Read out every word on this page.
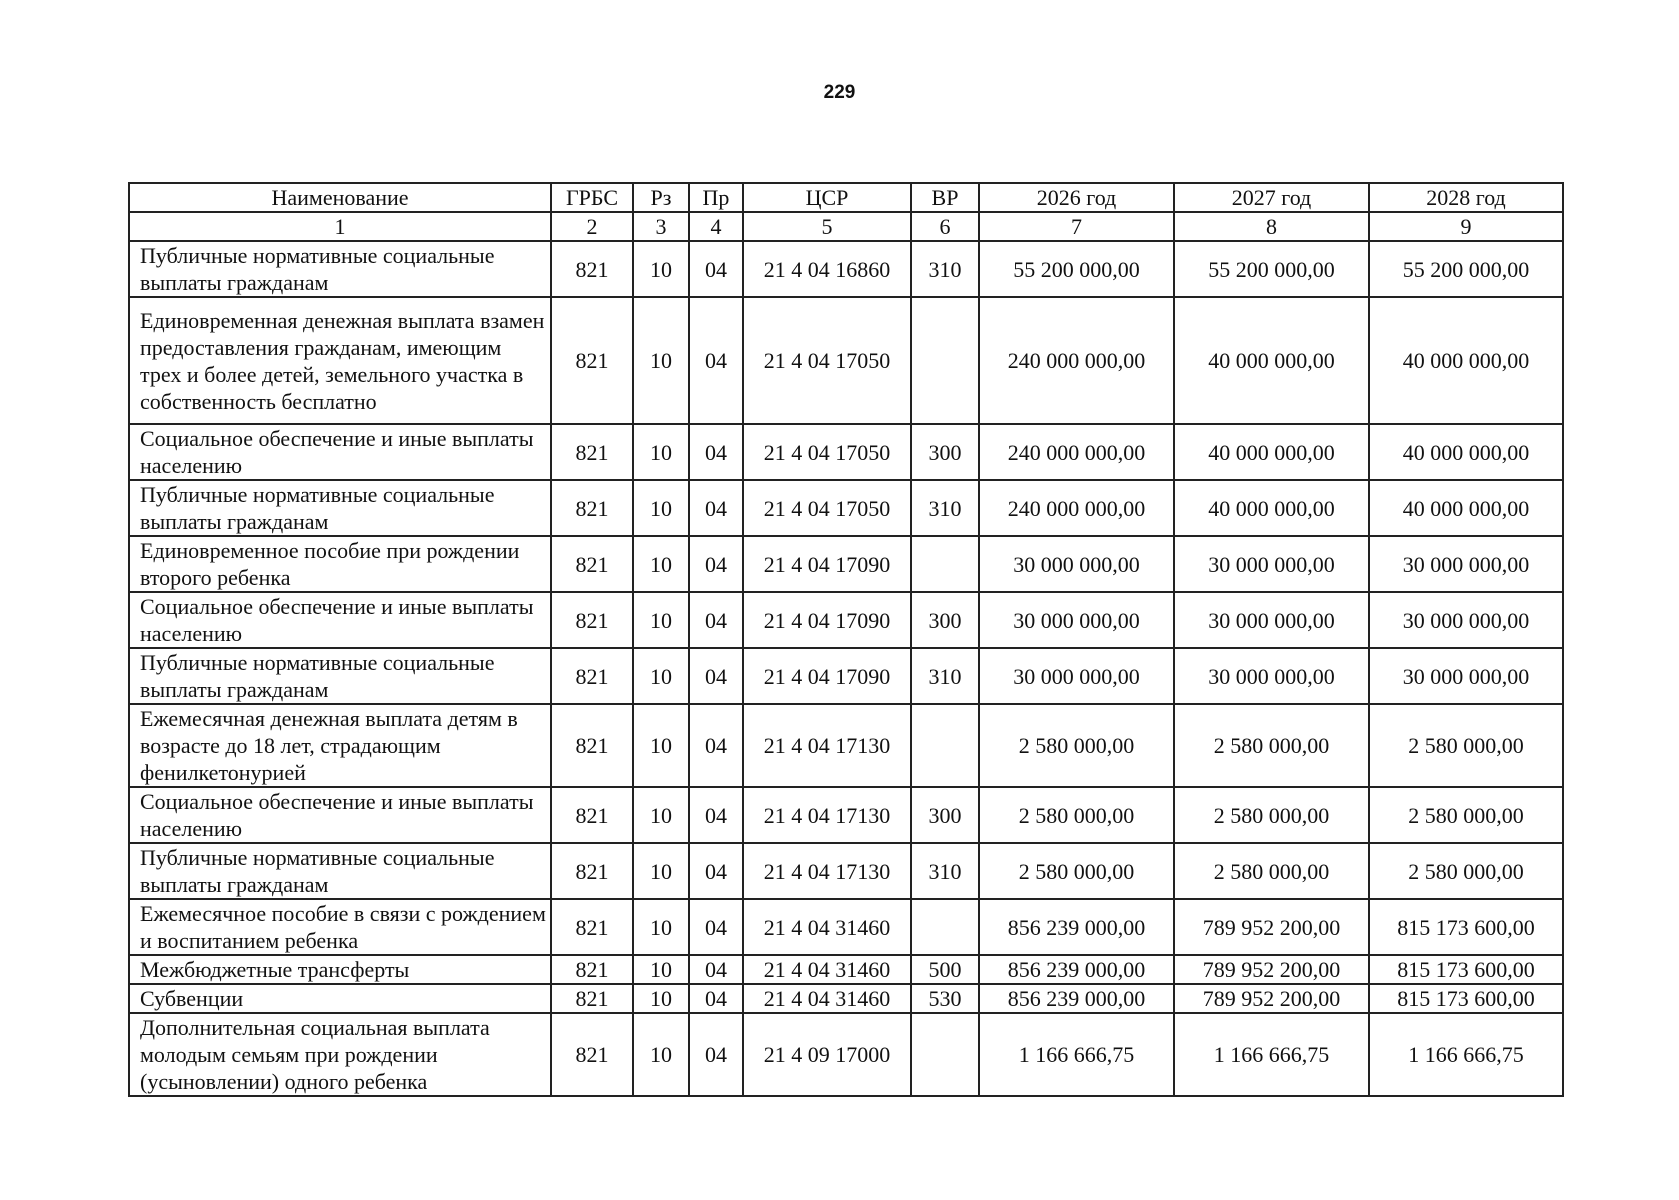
229
Наименование	ГРБС	Рз	Пр	ЦСР	ВР	2026 год	2027 год	2028 год
1	2	3	4	5	6	7	8	9
Публичные нормативные социальные выплаты гражданам	821	10	04	21 4 04 16860	310	55 200 000,00	55 200 000,00	55 200 000,00
Единовременная денежная выплата взамен предоставления гражданам, имеющим трех и более детей, земельного участка в собственность бесплатно	821	10	04	21 4 04 17050		240 000 000,00	40 000 000,00	40 000 000,00
Социальное обеспечение и иные выплаты населению	821	10	04	21 4 04 17050	300	240 000 000,00	40 000 000,00	40 000 000,00
Публичные нормативные социальные выплаты гражданам	821	10	04	21 4 04 17050	310	240 000 000,00	40 000 000,00	40 000 000,00
Единовременное пособие при рождении второго ребенка	821	10	04	21 4 04 17090		30 000 000,00	30 000 000,00	30 000 000,00
Социальное обеспечение и иные выплаты населению	821	10	04	21 4 04 17090	300	30 000 000,00	30 000 000,00	30 000 000,00
Публичные нормативные социальные выплаты гражданам	821	10	04	21 4 04 17090	310	30 000 000,00	30 000 000,00	30 000 000,00
Ежемесячная денежная выплата детям в возрасте до 18 лет, страдающим фенилкетонурией	821	10	04	21 4 04 17130		2 580 000,00	2 580 000,00	2 580 000,00
Социальное обеспечение и иные выплаты населению	821	10	04	21 4 04 17130	300	2 580 000,00	2 580 000,00	2 580 000,00
Публичные нормативные социальные выплаты гражданам	821	10	04	21 4 04 17130	310	2 580 000,00	2 580 000,00	2 580 000,00
Ежемесячное пособие в связи с рождением и воспитанием ребенка	821	10	04	21 4 04 31460		856 239 000,00	789 952 200,00	815 173 600,00
Межбюджетные трансферты	821	10	04	21 4 04 31460	500	856 239 000,00	789 952 200,00	815 173 600,00
Субвенции	821	10	04	21 4 04 31460	530	856 239 000,00	789 952 200,00	815 173 600,00
Дополнительная социальная выплата молодым семьям при рождении (усыновлении) одного ребенка	821	10	04	21 4 09 17000		1 166 666,75	1 166 666,75	1 166 666,75
